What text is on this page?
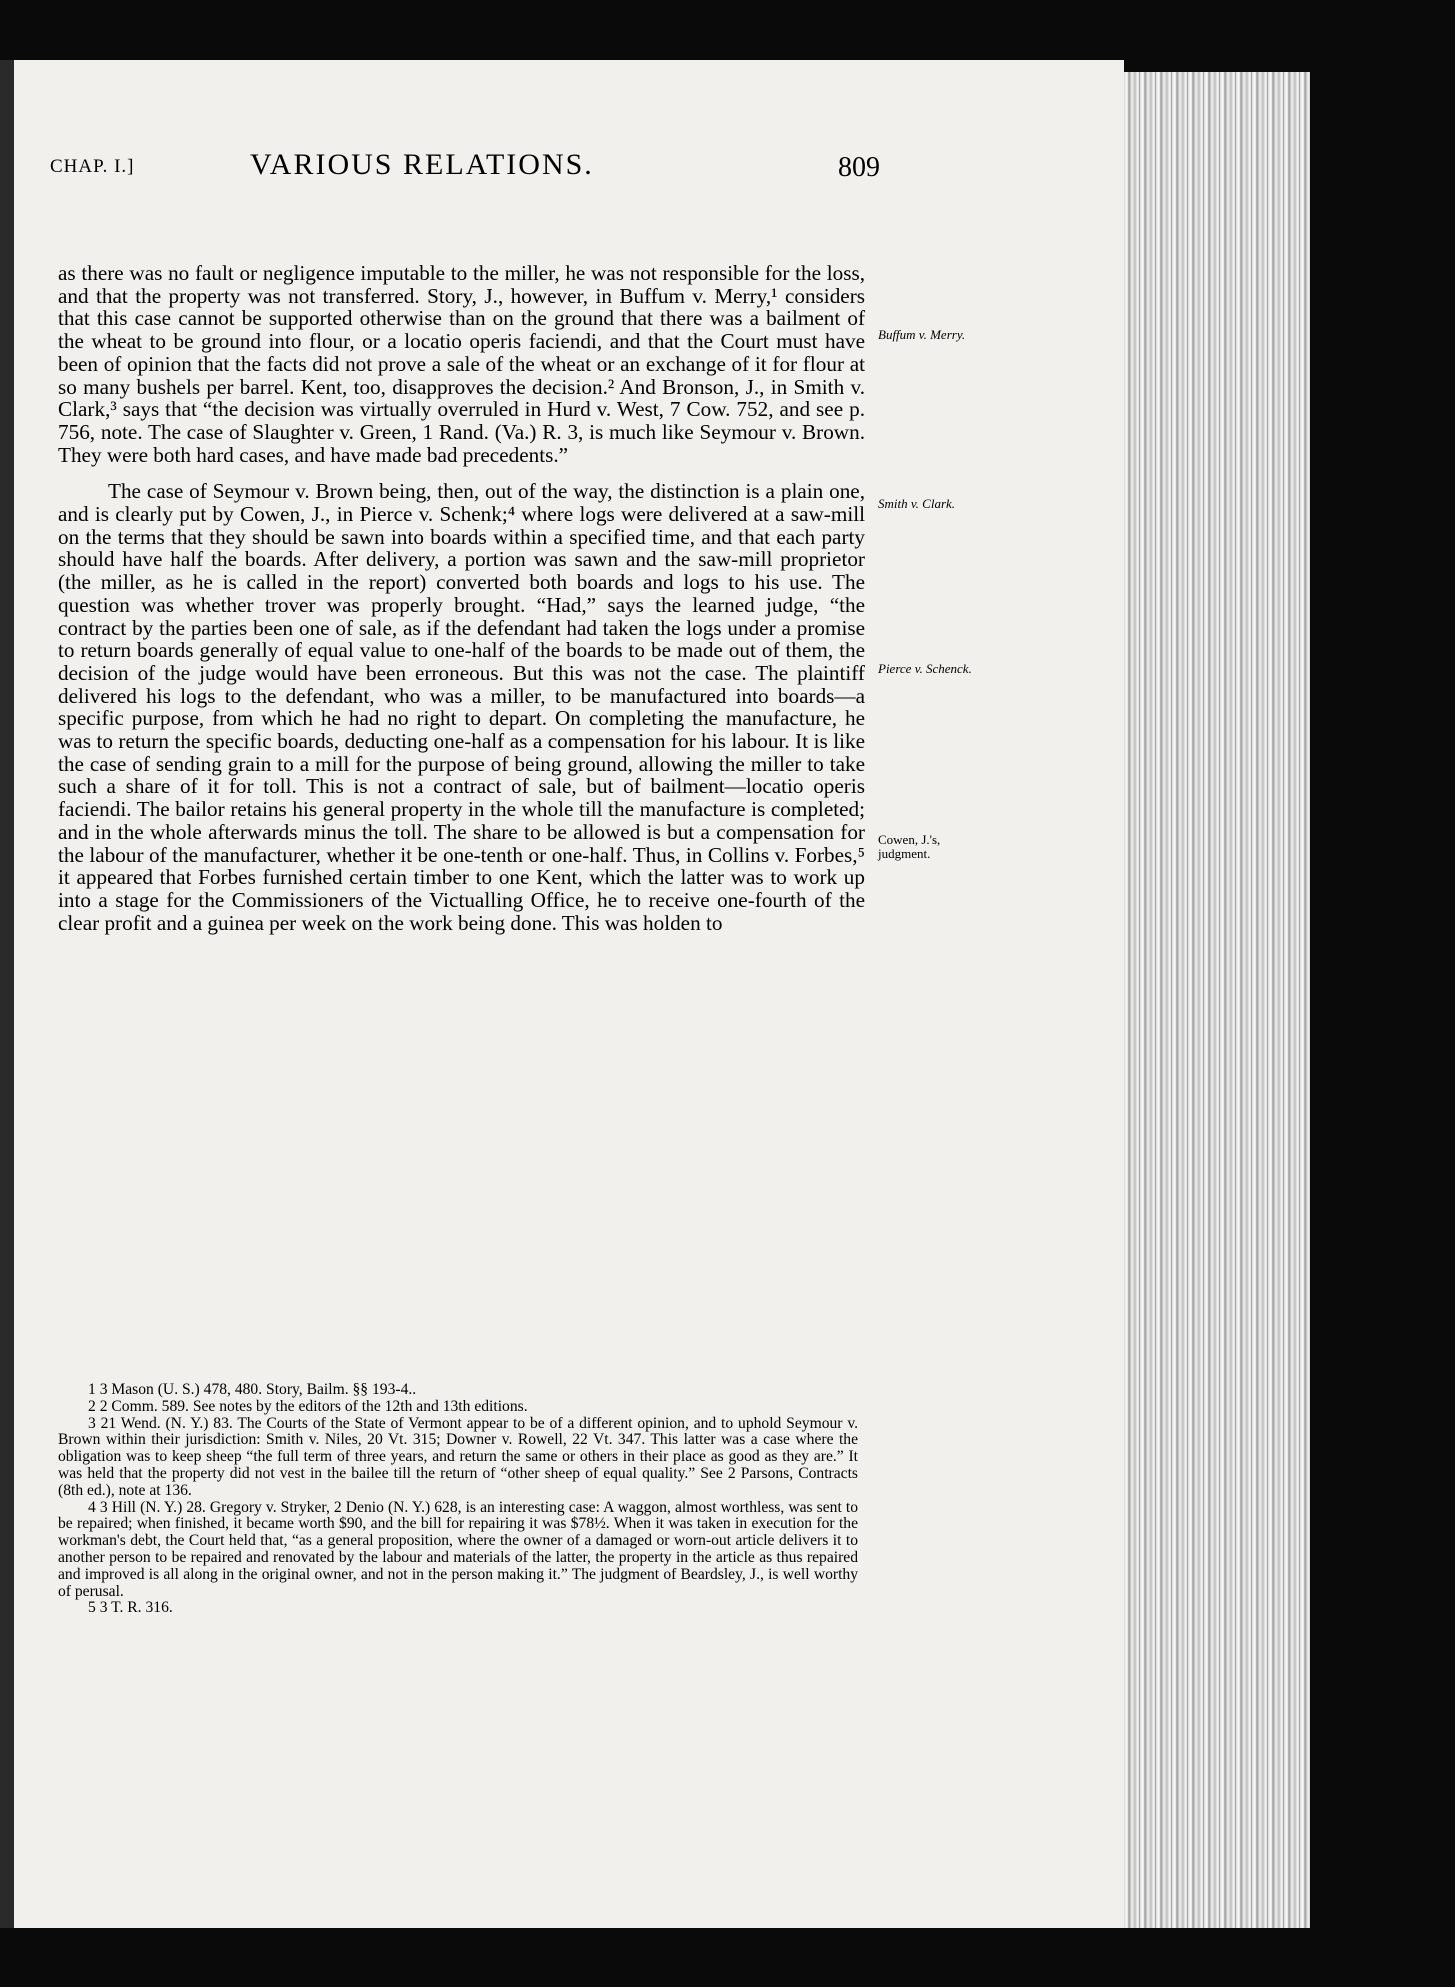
CHAP. I.]	VARIOUS RELATIONS.	809

as there was no fault or negligence imputable to the miller, he was not responsible for the loss, and that the property was not transferred. Story, J., however, in Buffum v. Merry,¹ considers that this case cannot be supported otherwise than on the ground that there was a bailment of the wheat to be ground into flour, or a locatio operis faciendi, and that the Court must have been of opinion that the facts did not prove a sale of the wheat or an exchange of it for flour at so many bushels per barrel. Kent, too, disapproves the decision.² And Bronson, J., in Smith v. Clark,³ says that “the decision was virtually overruled in Hurd v. West, 7 Cow. 752, and see p. 756, note. The case of Slaughter v. Green, 1 Rand. (Va.) R. 3, is much like Seymour v. Brown. They were both hard cases, and have made bad precedents.”

The case of Seymour v. Brown being, then, out of the way, the distinction is a plain one, and is clearly put by Cowen, J., in Pierce v. Schenk;⁴ where logs were delivered at a saw-mill on the terms that they should be sawn into boards within a specified time, and that each party should have half the boards. After delivery, a portion was sawn and the saw-mill proprietor (the miller, as he is called in the report) converted both boards and logs to his use. The question was whether trover was properly brought. “Had,” says the learned judge, “the contract by the parties been one of sale, as if the defendant had taken the logs under a promise to return boards generally of equal value to one-half of the boards to be made out of them, the decision of the judge would have been erroneous. But this was not the case. The plaintiff delivered his logs to the defendant, who was a miller, to be manufactured into boards—a specific purpose, from which he had no right to depart. On completing the manufacture, he was to return the specific boards, deducting one-half as a compensation for his labour. It is like the case of sending grain to a mill for the purpose of being ground, allowing the miller to take such a share of it for toll. This is not a contract of sale, but of bailment—locatio operis faciendi. The bailor retains his general property in the whole till the manufacture is completed; and in the whole afterwards minus the toll. The share to be allowed is but a compensation for the labour of the manufacturer, whether it be one-tenth or one-half. Thus, in Collins v. Forbes,⁵ it appeared that Forbes furnished certain timber to one Kent, which the latter was to work up into a stage for the Commissioners of the Victualling Office, he to receive one-fourth of the clear profit and a guinea per week on the work being done. This was holden to

Buffum v. Merry.
Smith v. Clark.
Pierce v. Schenck.
Cowen, J.'s, judgment.

1 3 Mason (U. S.) 478, 480. Story, Bailm. §§ 193-4..

2 2 Comm. 589. See notes by the editors of the 12th and 13th editions.

3 21 Wend. (N. Y.) 83. The Courts of the State of Vermont appear to be of a different opinion, and to uphold Seymour v. Brown within their jurisdiction: Smith v. Niles, 20 Vt. 315; Downer v. Rowell, 22 Vt. 347. This latter was a case where the obligation was to keep sheep “the full term of three years, and return the same or others in their place as good as they are.” It was held that the property did not vest in the bailee till the return of “other sheep of equal quality.” See 2 Parsons, Contracts (8th ed.), note at 136.

4 3 Hill (N. Y.) 28. Gregory v. Stryker, 2 Denio (N. Y.) 628, is an interesting case: A waggon, almost worthless, was sent to be repaired; when finished, it became worth $90, and the bill for repairing it was $78½. When it was taken in execution for the workman's debt, the Court held that, “as a general proposition, where the owner of a damaged or worn-out article delivers it to another person to be repaired and renovated by the labour and materials of the latter, the property in the article as thus repaired and improved is all along in the original owner, and not in the person making it.” The judgment of Beardsley, J., is well worthy of perusal.

5 3 T. R. 316.
